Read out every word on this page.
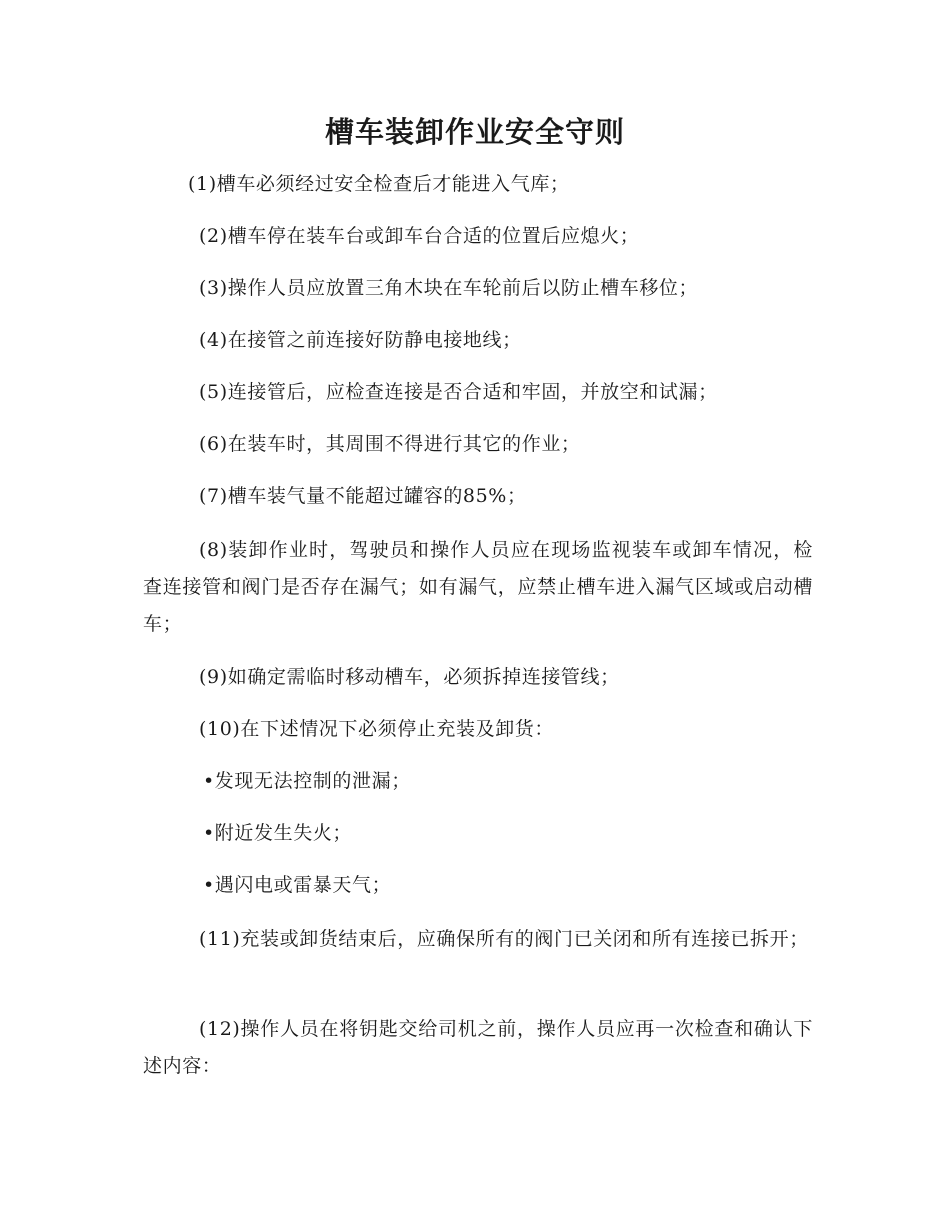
槽车装卸作业安全守则
(1)槽车必须经过安全检查后才能进入气库；
(2)槽车停在装车台或卸车台合适的位置后应熄火；
(3)操作人员应放置三角木块在车轮前后以防止槽车移位；
(4)在接管之前连接好防静电接地线；
(5)连接管后，应检查连接是否合适和牢固，并放空和试漏；
(6)在装车时，其周围不得进行其它的作业；
(7)槽车装气量不能超过罐容的85%；
(8)装卸作业时，驾驶员和操作人员应在现场监视装车或卸车情况，检查连接管和阀门是否存在漏气；如有漏气，应禁止槽车进入漏气区域或启动槽车；
(9)如确定需临时移动槽车，必须拆掉连接管线；
(10)在下述情况下必须停止充装及卸货：
•发现无法控制的泄漏；
•附近发生失火；
•遇闪电或雷暴天气；
(11)充装或卸货结束后，应确保所有的阀门已关闭和所有连接已拆开；
(12)操作人员在将钥匙交给司机之前，操作人员应再一次检查和确认下述内容：
